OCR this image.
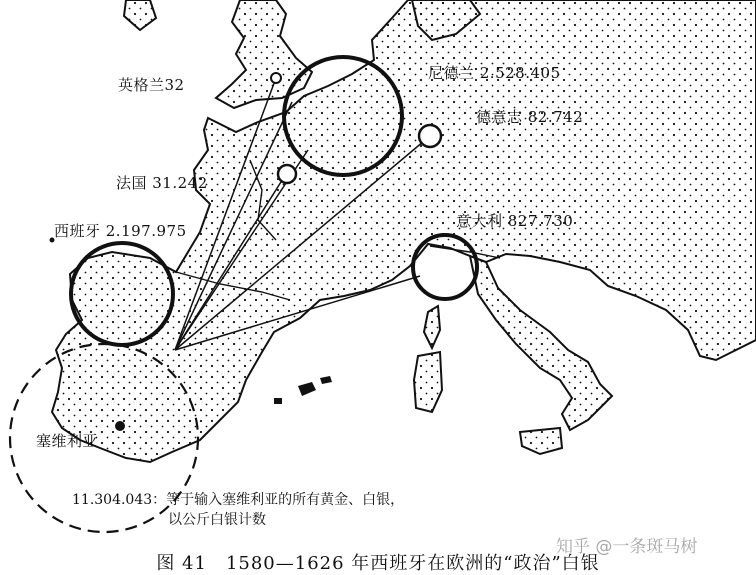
英格兰32
尼德兰 2.528.405
德意志 82.742
法国 31.242
西班牙 2.197.975
意大利 827.730
塞维利亚
11.304.043：等于输入塞维利亚的所有黄金、白银，
以公斤白银计数
知乎 @一条斑马树
图 41　1580—1626 年西班牙在欧洲的“政治”白银
